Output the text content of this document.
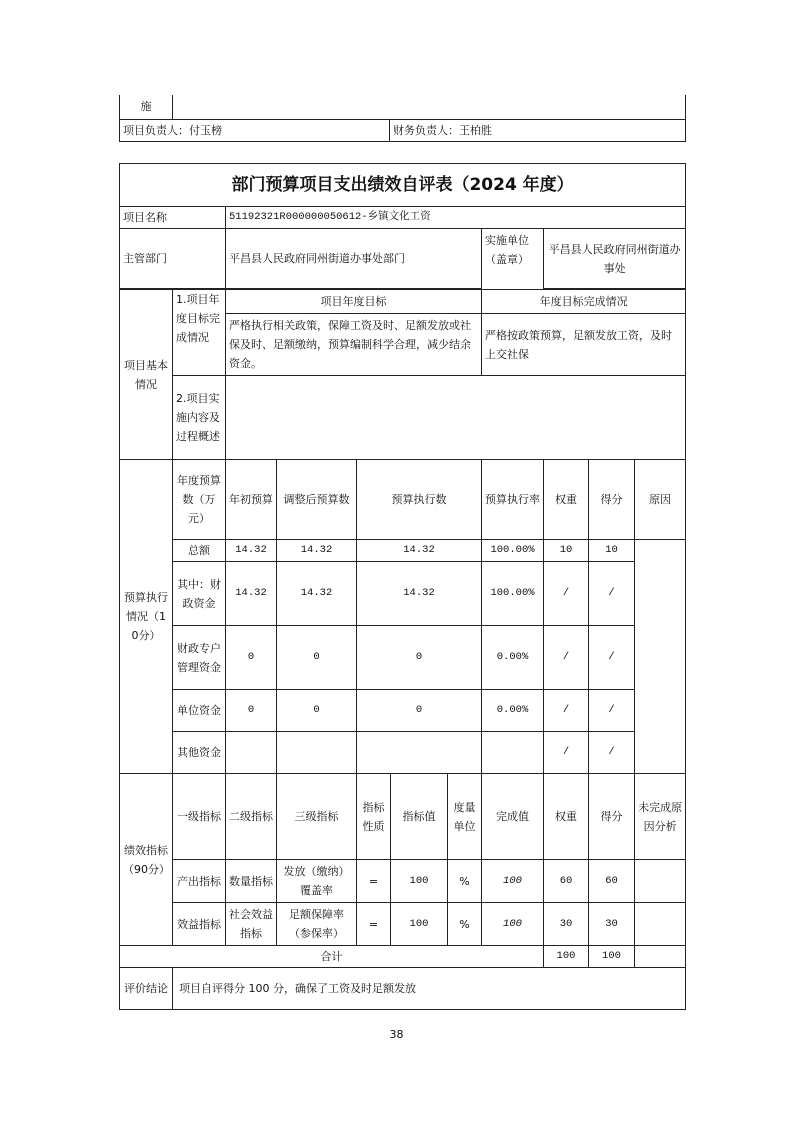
施		
项目负责人：付玉榜		财务负责人：王柏胜
部门预算项目支出绩效自评表（2024 年度）										
项目名称		51192321R000000050612-乡镇文化工资								
主管部门		平昌县人民政府同州街道办事处部门					实施单位（盖章）	平昌县人民政府同州街道办事处		

项目基本情况	1.项目年度目标完成情况	项目年度目标					年度目标完成情况			
		严格执行相关政策，保障工资及时、足额发放或社保及时、足额缴纳，预算编制科学合理，减少结余资金。					严格按政策预算，足额发放工资，及时上交社保			
	2.项目实施内容及过程概述									
预算执行情况（10分）	年度预算数（万元）	年初预算	调整后预算数	预算执行数			预算执行率	权重	得分	原因
	总额	14.32	14.32	14.32			100.00%	10	10	
	其中：财政资金	14.32	14.32	14.32			100.00%	/	/	
	财政专户管理资金	0	0	0			0.00%	/	/	
	单位资金	0	0	0			0.00%	/	/	
	其他资金							/	/	
绩效指标（90分）	一级指标	二级指标	三级指标	指标性质	指标值	度量单位	完成值	权重	得分	未完成原因分析
	产出指标	数量指标	发放（缴纳）覆盖率	=	100	%	100	60	60	
	效益指标	社会效益指标	足额保障率（参保率）	=	100	%	100	30	30	
合计								100	100	
评价结论	项目自评得分 100 分，确保了工资及时足额发放									
38
